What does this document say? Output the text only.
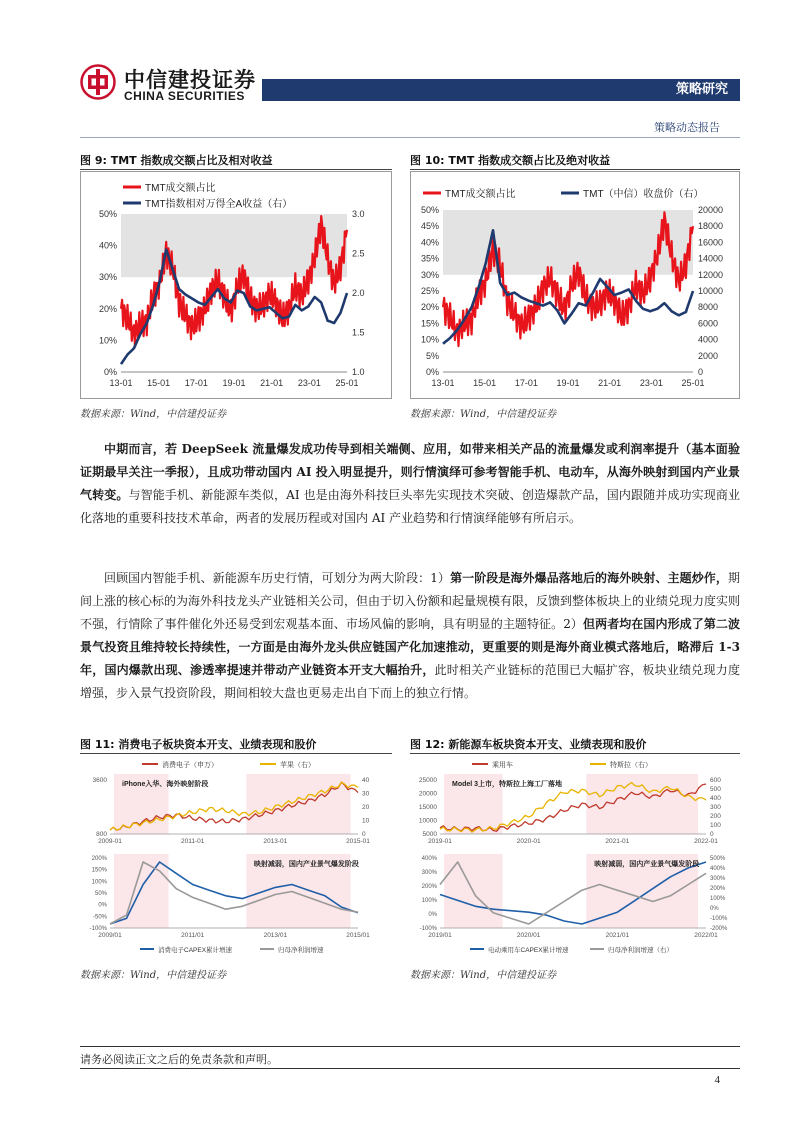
中信建投证券
CHINA SECURITIES	策略研究
策略动态报告
图 9: TMT 指数成交额占比及相对收益
TMT成交额占比
TMT指数相对万得全A收益（右）
0%
10%
20%
30%
40%
50%
1.0
1.5
2.0
2.5
3.0
13-01 15-01 17-01 19-01 21-01 23-01 25-01
数据来源：Wind，中信建投证券
图 10: TMT 指数成交额占比及绝对收益
TMT成交额占比	TMT（中信）收盘价（右）
0%
5%
10%
15%
20%
25%
30%
35%
40%
45%
50%
0
2000
4000
6000
8000
10000
12000
14000
16000
18000
20000
13-01 15-01 17-01 19-01 21-01 23-01 25-01
数据来源：Wind，中信建投证券
中期而言，若 DeepSeek 流量爆发成功传导到相关端侧、应用，如带来相关产品的流量爆发或利润率提升（基本面验证期最早关注一季报），且成功带动国内 AI 投入明显提升，则行情演绎可参考智能手机、电动车，从海外映射到国内产业景气转变。与智能手机、新能源车类似，AI 也是由海外科技巨头率先实现技术突破、创造爆款产品，国内跟随并成功实现商业化落地的重要科技技术革命，两者的发展历程或对国内 AI 产业趋势和行情演绎能够有所启示。
回顾国内智能手机、新能源车历史行情，可划分为两大阶段：1）第一阶段是海外爆品落地后的海外映射、主题炒作，期间上涨的核心标的为海外科技龙头产业链相关公司，但由于切入份额和起量规模有限，反馈到整体板块上的业绩兑现力度实则不强，行情除了事件催化外还易受到宏观基本面、市场风偏的影响，具有明显的主题特征。2）但两者均在国内形成了第二波景气投资且维持较长持续性，一方面是由海外龙头供应链国产化加速推动，更重要的则是海外商业模式落地后，略滞后 1-3 年，国内爆款出现、渗透率提速并带动产业链资本开支大幅抬升，此时相关产业链标的范围已大幅扩容，板块业绩兑现力度增强，步入景气投资阶段，期间相较大盘也更易走出自下而上的独立行情。
图 11: 消费电子板块资本开支、业绩表现和股价
消费电子（申万）	苹果（右）
800
3600
0
10
20
30
40
2009-01	2011-01	2013-01	2015-01
iPhone入华、海外映射阶段
-100%
-50%
0%
50%
100%
150%
200%
2009/01	2011/01	2013/01	2015/01
映射减弱，国内产业景气爆发阶段
消费电子CAPEX累计增速	归母净利润增速
数据来源：Wind，中信建投证券
图 12: 新能源车板块资本开支、业绩表现和股价
乘用车	特斯拉（右）
5000
10000
15000
20000
25000
0
100
200
300
400
500
600
2019-01	2020-01	2021-01	2022-01
Model 3上市，特斯拉上海工厂落地
-100%
0%
100%
200%
300%
400%
-200%
-100%
0%
100%
200%
300%
400%
500%
2019/01	2020/01	2021/01	2022/01
映射减弱，国内产业景气爆发阶段
电动乘用车CAPEX累计增速	归母净利润增速（右）
数据来源：Wind，中信建投证券
请务必阅读正文之后的免责条款和声明。
4
